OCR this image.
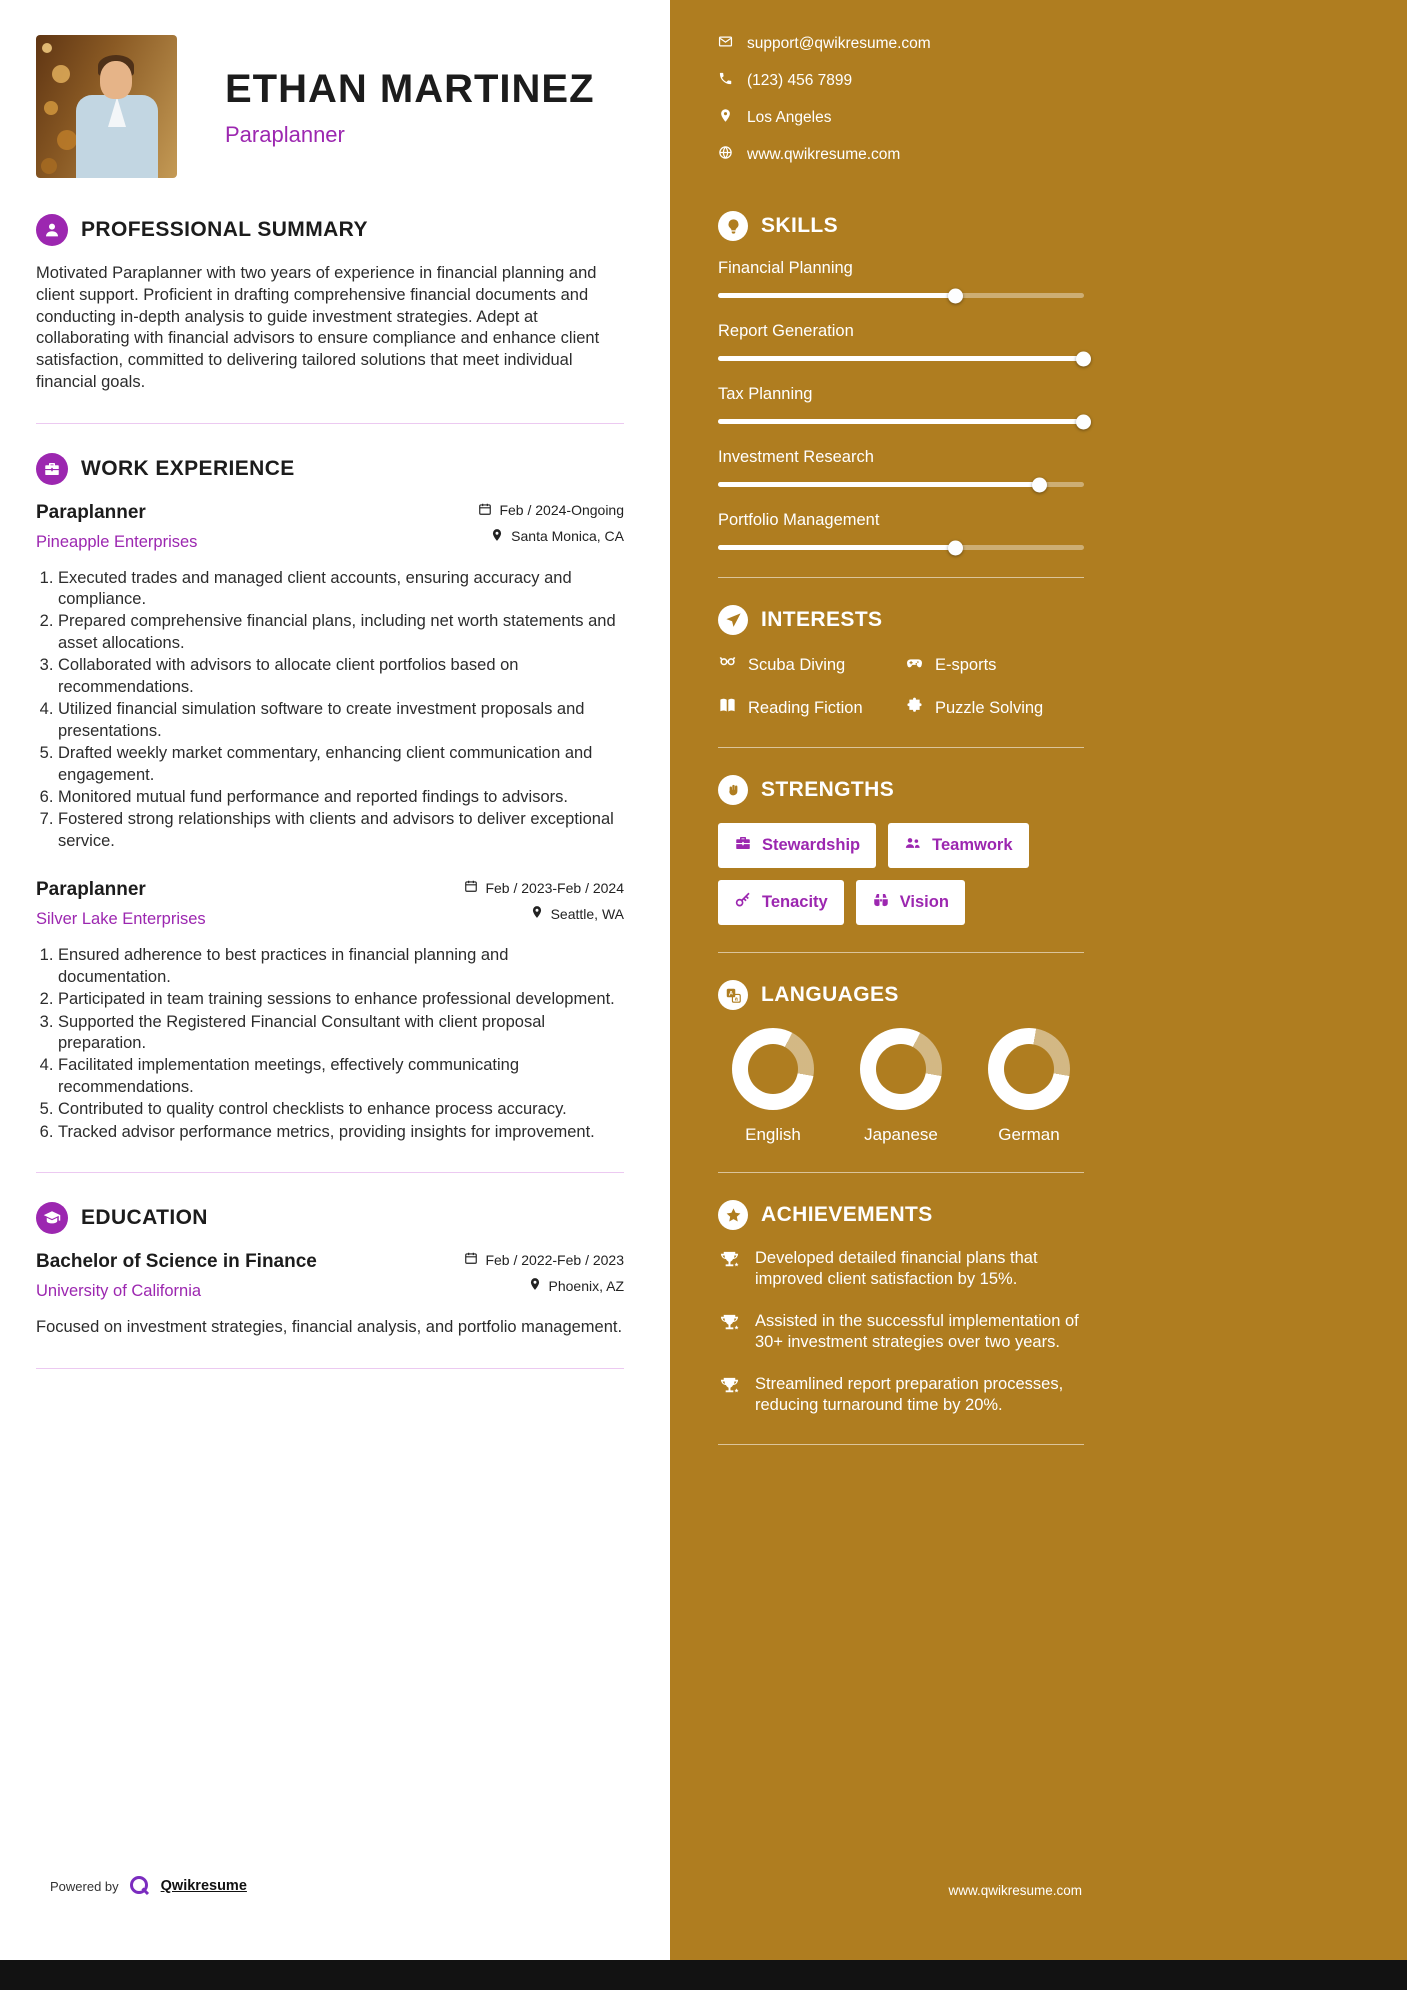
ETHAN MARTINEZ
Paraplanner
PROFESSIONAL SUMMARY

Motivated Paraplanner with two years of experience in financial planning and client support. Proficient in drafting comprehensive financial documents and conducting in-depth analysis to guide investment strategies. Adept at collaborating with financial advisors to ensure compliance and enhance client satisfaction, committed to delivering tailored solutions that meet individual financial goals.

WORK EXPERIENCE
Paraplanner
Pineapple Enterprises
Feb / 2024-Ongoing
Santa Monica, CA
1. Executed trades and managed client accounts, ensuring accuracy and compliance.
2. Prepared comprehensive financial plans, including net worth statements and asset allocations.
3. Collaborated with advisors to allocate client portfolios based on recommendations.
4. Utilized financial simulation software to create investment proposals and presentations.
5. Drafted weekly market commentary, enhancing client communication and engagement.
6. Monitored mutual fund performance and reported findings to advisors.
7. Fostered strong relationships with clients and advisors to deliver exceptional service.
Paraplanner
Silver Lake Enterprises
Feb / 2023-Feb / 2024
Seattle, WA
1. Ensured adherence to best practices in financial planning and documentation.
2. Participated in team training sessions to enhance professional development.
3. Supported the Registered Financial Consultant with client proposal preparation.
4. Facilitated implementation meetings, effectively communicating recommendations.
5. Contributed to quality control checklists to enhance process accuracy.
6. Tracked advisor performance metrics, providing insights for improvement.
EDUCATION
Bachelor of Science in Finance
University of California
Feb / 2022-Feb / 2023
Phoenix, AZ

Focused on investment strategies, financial analysis, and portfolio management.

Powered by	Qwikresume
support@qwikresume.com
(123) 456 7899
Los Angeles
www.qwikresume.com
SKILLS
Financial Planning
Report Generation
Tax Planning
Investment Research
Portfolio Management
INTERESTS
Scuba Diving	E-sports
Reading Fiction	Puzzle Solving
STRENGTHS
Stewardship	Teamwork
Tenacity	Vision
A
a LANGUAGES
English	Japanese	German
ACHIEVEMENTS
Developed detailed financial plans that improved client satisfaction by 15%.
Assisted in the successful implementation of 30+ investment strategies over two years.
Streamlined report preparation processes, reducing turnaround time by 20%.
www.qwikresume.com
